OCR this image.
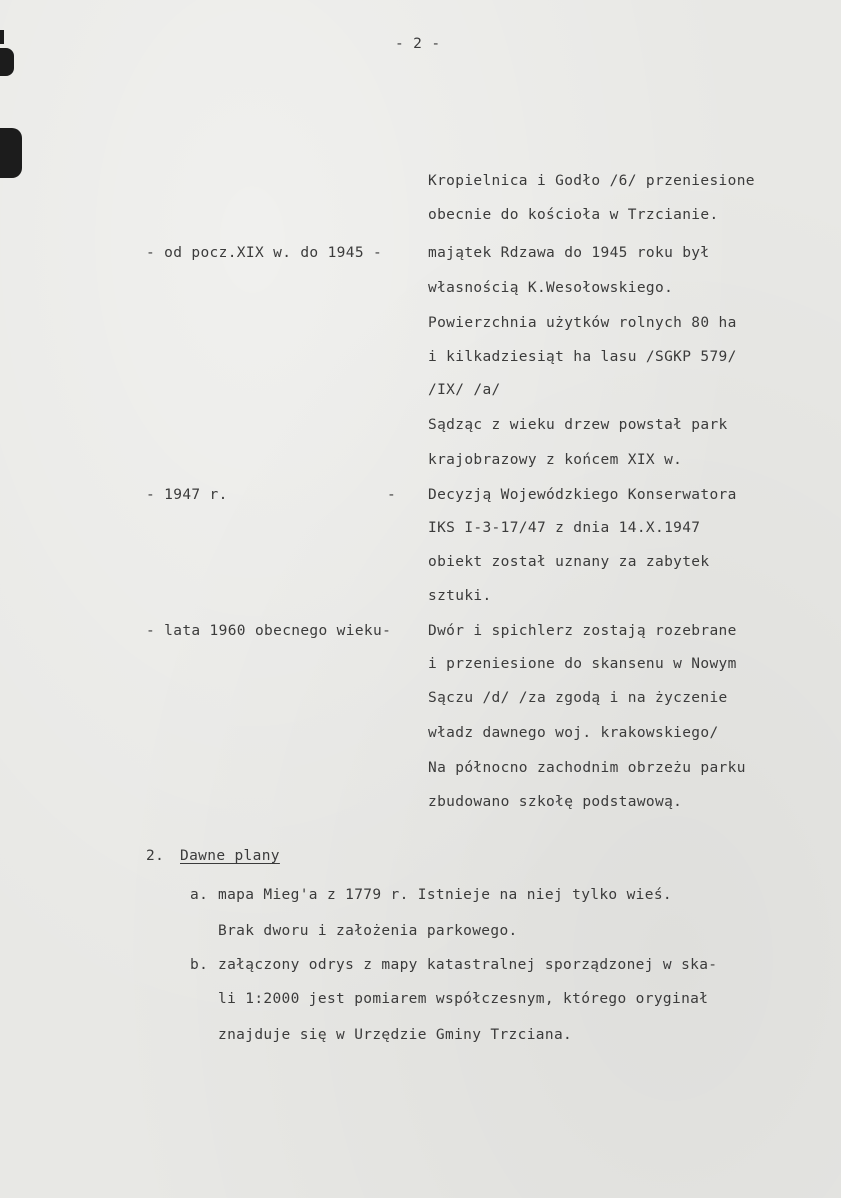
- 2 -
Kropielnica i Godło /6/ przeniesione
obecnie do kościoła w Trzcianie.
- od pocz.XIX w. do 1945 -	majątek Rdzawa do 1945 roku był
własnością K.Wesołowskiego.
Powierzchnia użytków rolnych 80 ha
i kilkadziesiąt ha lasu /SGKP 579/
/IX/ /a/
Sądząc z wieku drzew powstał park
krajobrazowy z końcem XIX w.
- 1947 r.	- Decyzją Wojewódzkiego Konserwatora
IKS I-3-17/47 z dnia 14.X.1947
obiekt został uznany za zabytek
sztuki.
- lata 1960 obecnego wieku-	Dwór i spichlerz zostają rozebrane
i przeniesione do skansenu w Nowym
Sączu /d/ /za zgodą i na życzenie
władz dawnego woj. krakowskiego/
Na północno zachodnim obrzeżu parku
zbudowano szkołę podstawową.
2. Dawne plany
a. mapa Mieg'a z 1779 r. Istnieje na niej tylko wieś.
Brak dworu i założenia parkowego.
b. załączony odrys z mapy katastralnej sporządzonej w ska-
li 1:2000 jest pomiarem współczesnym, którego oryginał
znajduje się w Urzędzie Gminy Trzciana.
